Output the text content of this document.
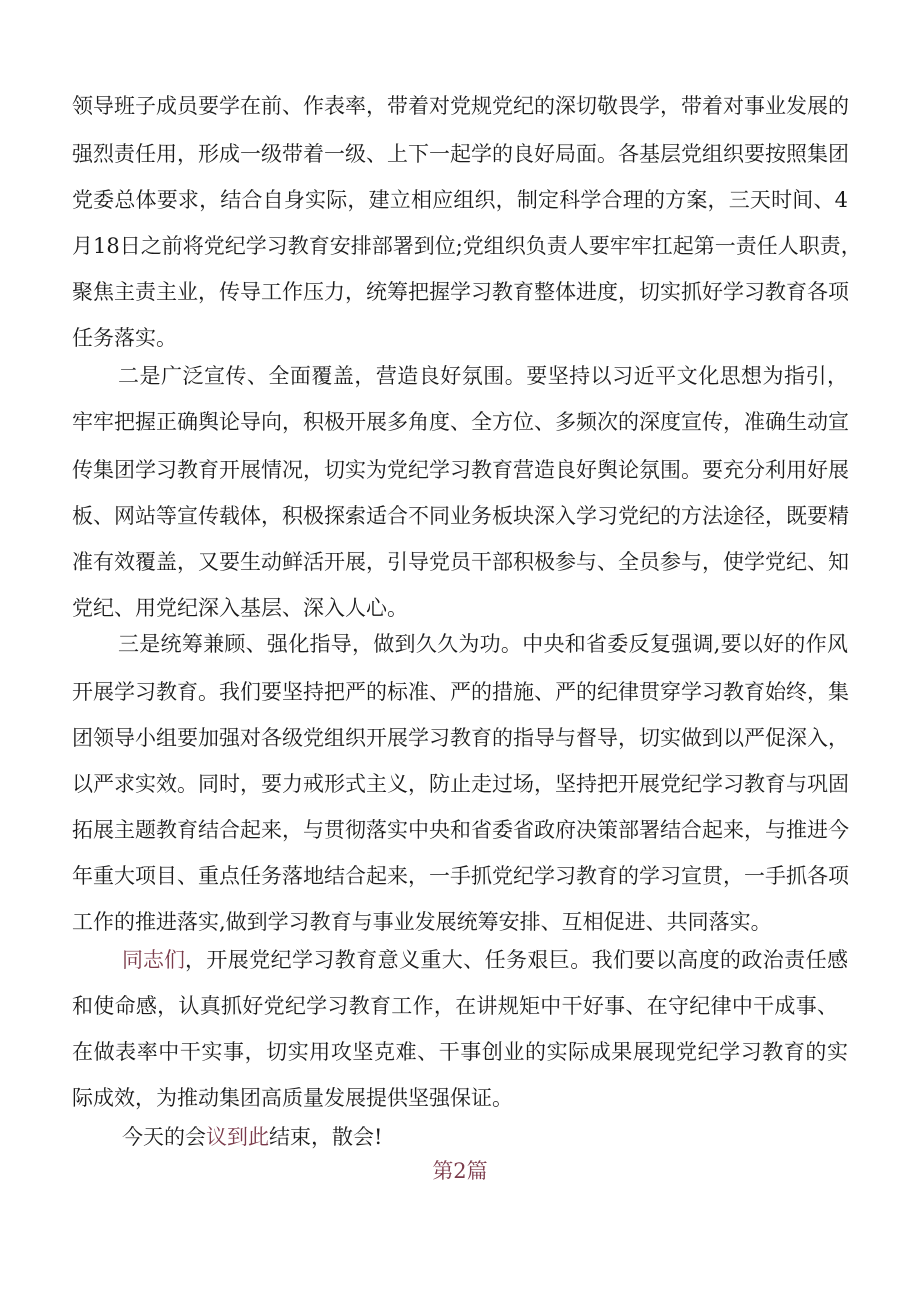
领导班子成员要学在前、作表率，带着对党规党纪的深切敬畏学，带着对事业发展的
强烈责任用，形成一级带着一级、上下一起学的良好局面。各基层党组织要按照集团
党委总体要求，结合自身实际，建立相应组织，制定科学合理的方案，三天时间、4
月18日之前将党纪学习教育安排部署到位;党组织负责人要牢牢扛起第一责任人职责，
聚焦主责主业，传导工作压力，统筹把握学习教育整体进度，切实抓好学习教育各项
任务落实。
二是广泛宣传、全面覆盖，营造良好氛围。要坚持以习近平文化思想为指引，
牢牢把握正确舆论导向，积极开展多角度、全方位、多频次的深度宣传，准确生动宣
传集团学习教育开展情况，切实为党纪学习教育营造良好舆论氛围。要充分利用好展
板、网站等宣传载体，积极探索适合不同业务板块深入学习党纪的方法途径，既要精
准有效覆盖，又要生动鲜活开展，引导党员干部积极参与、全员参与，使学党纪、知
党纪、用党纪深入基层、深入人心。
三是统筹兼顾、强化指导，做到久久为功。中央和省委反复强调,要以好的作风
开展学习教育。我们要坚持把严的标准、严的措施、严的纪律贯穿学习教育始终，集
团领导小组要加强对各级党组织开展学习教育的指导与督导，切实做到以严促深入，
以严求实效。同时，要力戒形式主义，防止走过场，坚持把开展党纪学习教育与巩固
拓展主题教育结合起来，与贯彻落实中央和省委省政府决策部署结合起来，与推进今
年重大项目、重点任务落地结合起来，一手抓党纪学习教育的学习宣贯，一手抓各项
工作的推进落实,做到学习教育与事业发展统筹安排、互相促进、共同落实。
同志们 ，开展党纪学习教育意义重大、任务艰巨。我们要以高度的政治责任感
和使命感，认真抓好党纪学习教育工作，在讲规矩中干好事、在守纪律中干成事、
在做表率中干实事，切实用攻坚克难、干事创业的实际成果展现党纪学习教育的实
际成效，为推动集团高质量发展提供坚强保证。
今天的会 议到此 结束，散会!
第2篇
